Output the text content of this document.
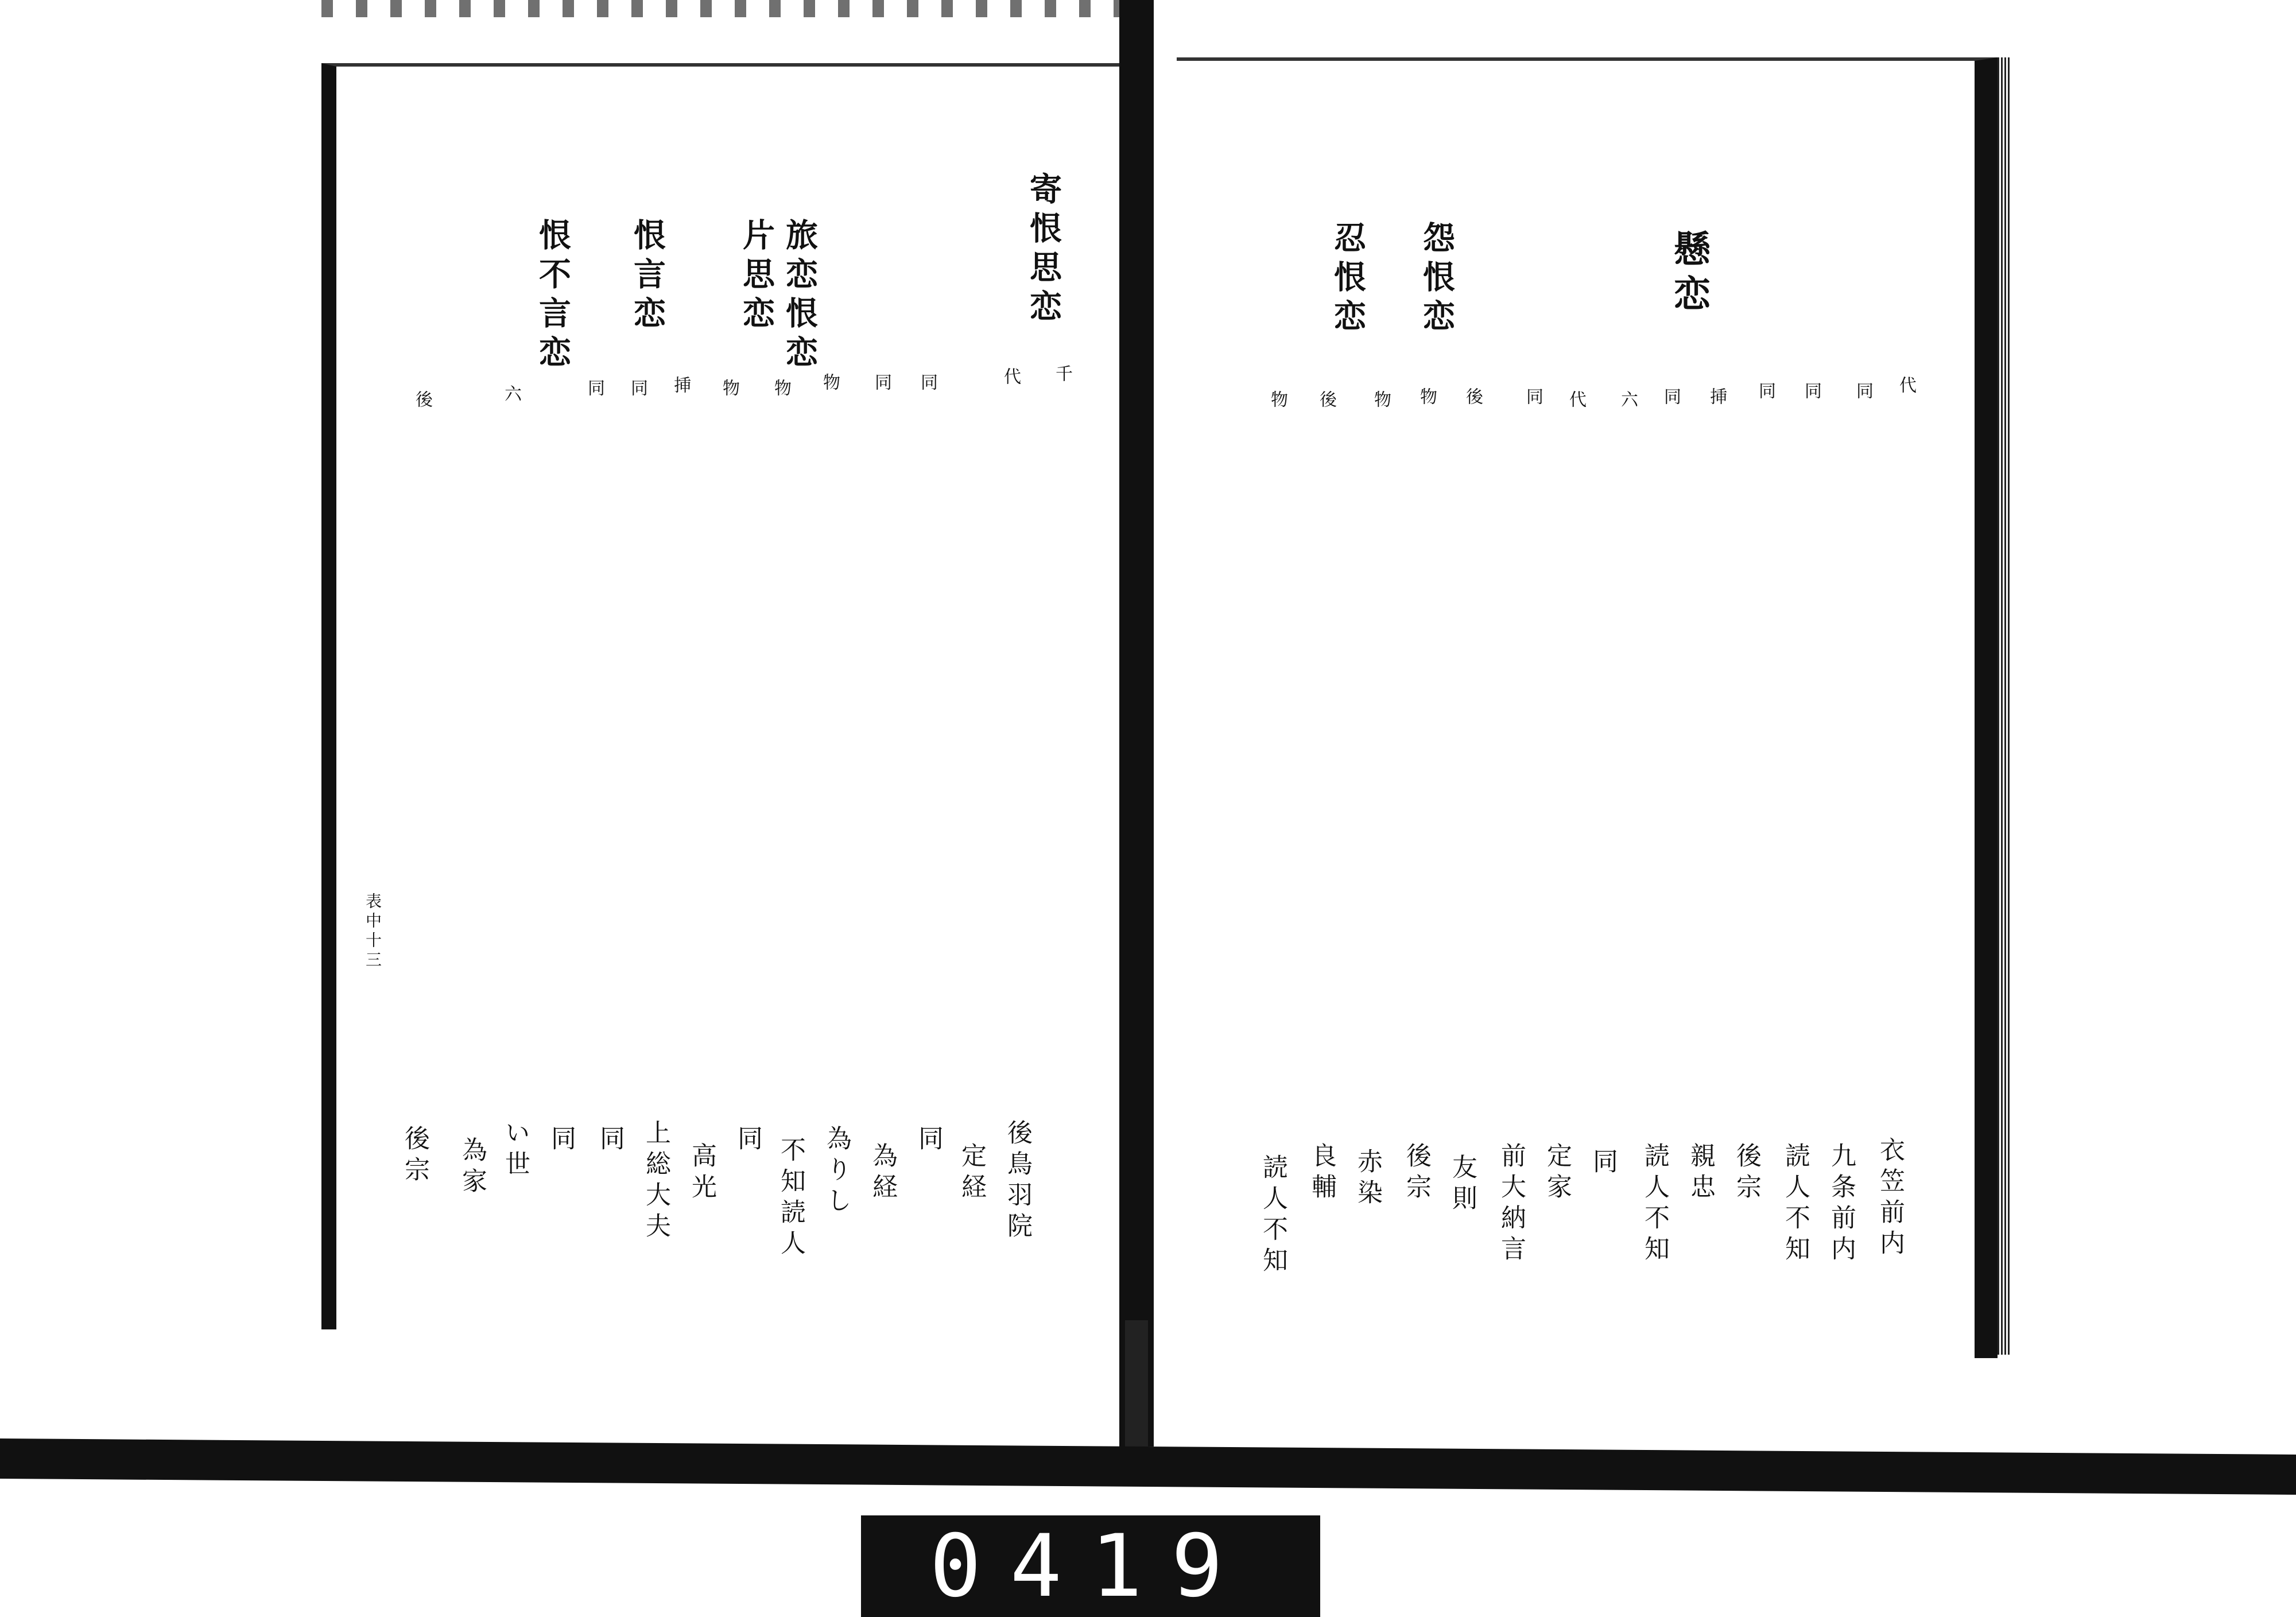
寄恨思恋
旅恋恨恋
片思恋
恨言恋
恨不言恋	千
代
物 同 同
物 物
挿
同 同
六
後
後鳥羽院
定経
同
為経
為りし
不知読人
同
高光
上総大夫
同
同
い世
為家
後宗
表中十三
懸恋
怨恨恋
忍恨恋
代
同
同
同
挿
同
六
代
同
後
物
物
後
物
衣笠前内
九条前内
読人不知
後宗
親忠
読人不知
同
定家
前大納言
友則
後宗
赤染
良輔
読人不知
0419
